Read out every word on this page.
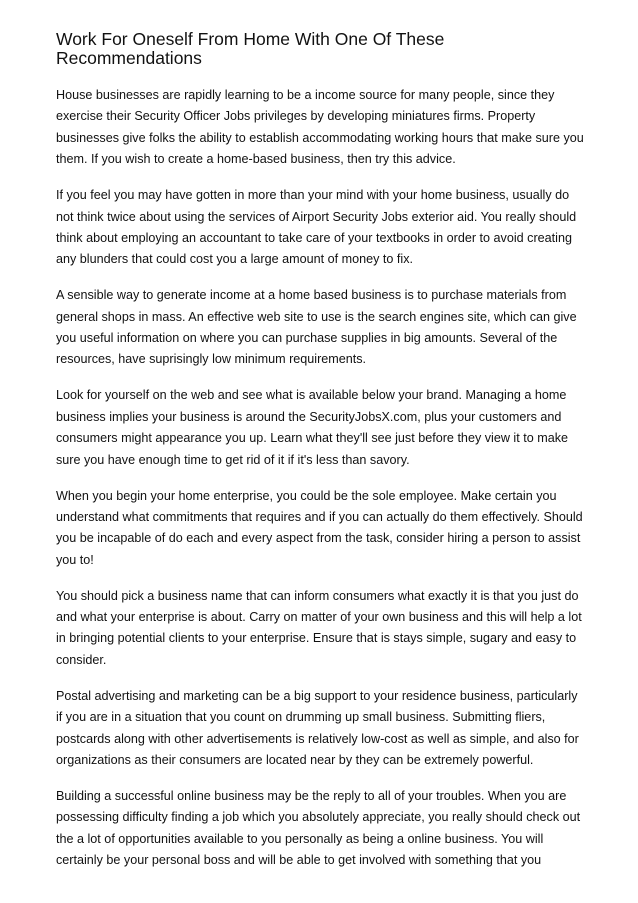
Work For Oneself From Home With One Of These Recommendations

House businesses are rapidly learning to be a income source for many people, since they exercise their Security Officer Jobs privileges by developing miniatures firms. Property businesses give folks the ability to establish accommodating working hours that make sure you them. If you wish to create a home-based business, then try this advice.

If you feel you may have gotten in more than your mind with your home business, usually do not think twice about using the services of Airport Security Jobs exterior aid. You really should think about employing an accountant to take care of your textbooks in order to avoid creating any blunders that could cost you a large amount of money to fix.

A sensible way to generate income at a home based business is to purchase materials from general shops in mass. An effective web site to use is the search engines site, which can give you useful information on where you can purchase supplies in big amounts. Several of the resources, have suprisingly low minimum requirements.

Look for yourself on the web and see what is available below your brand. Managing a home business implies your business is around the SecurityJobsX.com, plus your customers and consumers might appearance you up. Learn what they'll see just before they view it to make sure you have enough time to get rid of it if it's less than savory.

When you begin your home enterprise, you could be the sole employee. Make certain you understand what commitments that requires and if you can actually do them effectively. Should you be incapable of do each and every aspect from the task, consider hiring a person to assist you to!

You should pick a business name that can inform consumers what exactly it is that you just do and what your enterprise is about. Carry on matter of your own business and this will help a lot in bringing potential clients to your enterprise. Ensure that is stays simple, sugary and easy to consider.

Postal advertising and marketing can be a big support to your residence business, particularly if you are in a situation that you count on drumming up small business. Submitting fliers, postcards along with other advertisements is relatively low-cost as well as simple, and also for organizations as their consumers are located near by they can be extremely powerful.

Building a successful online business may be the reply to all of your troubles. When you are possessing difficulty finding a job which you absolutely appreciate, you really should check out the a lot of opportunities available to you personally as being a online business. You will certainly be your personal boss and will be able to get involved with something that you
